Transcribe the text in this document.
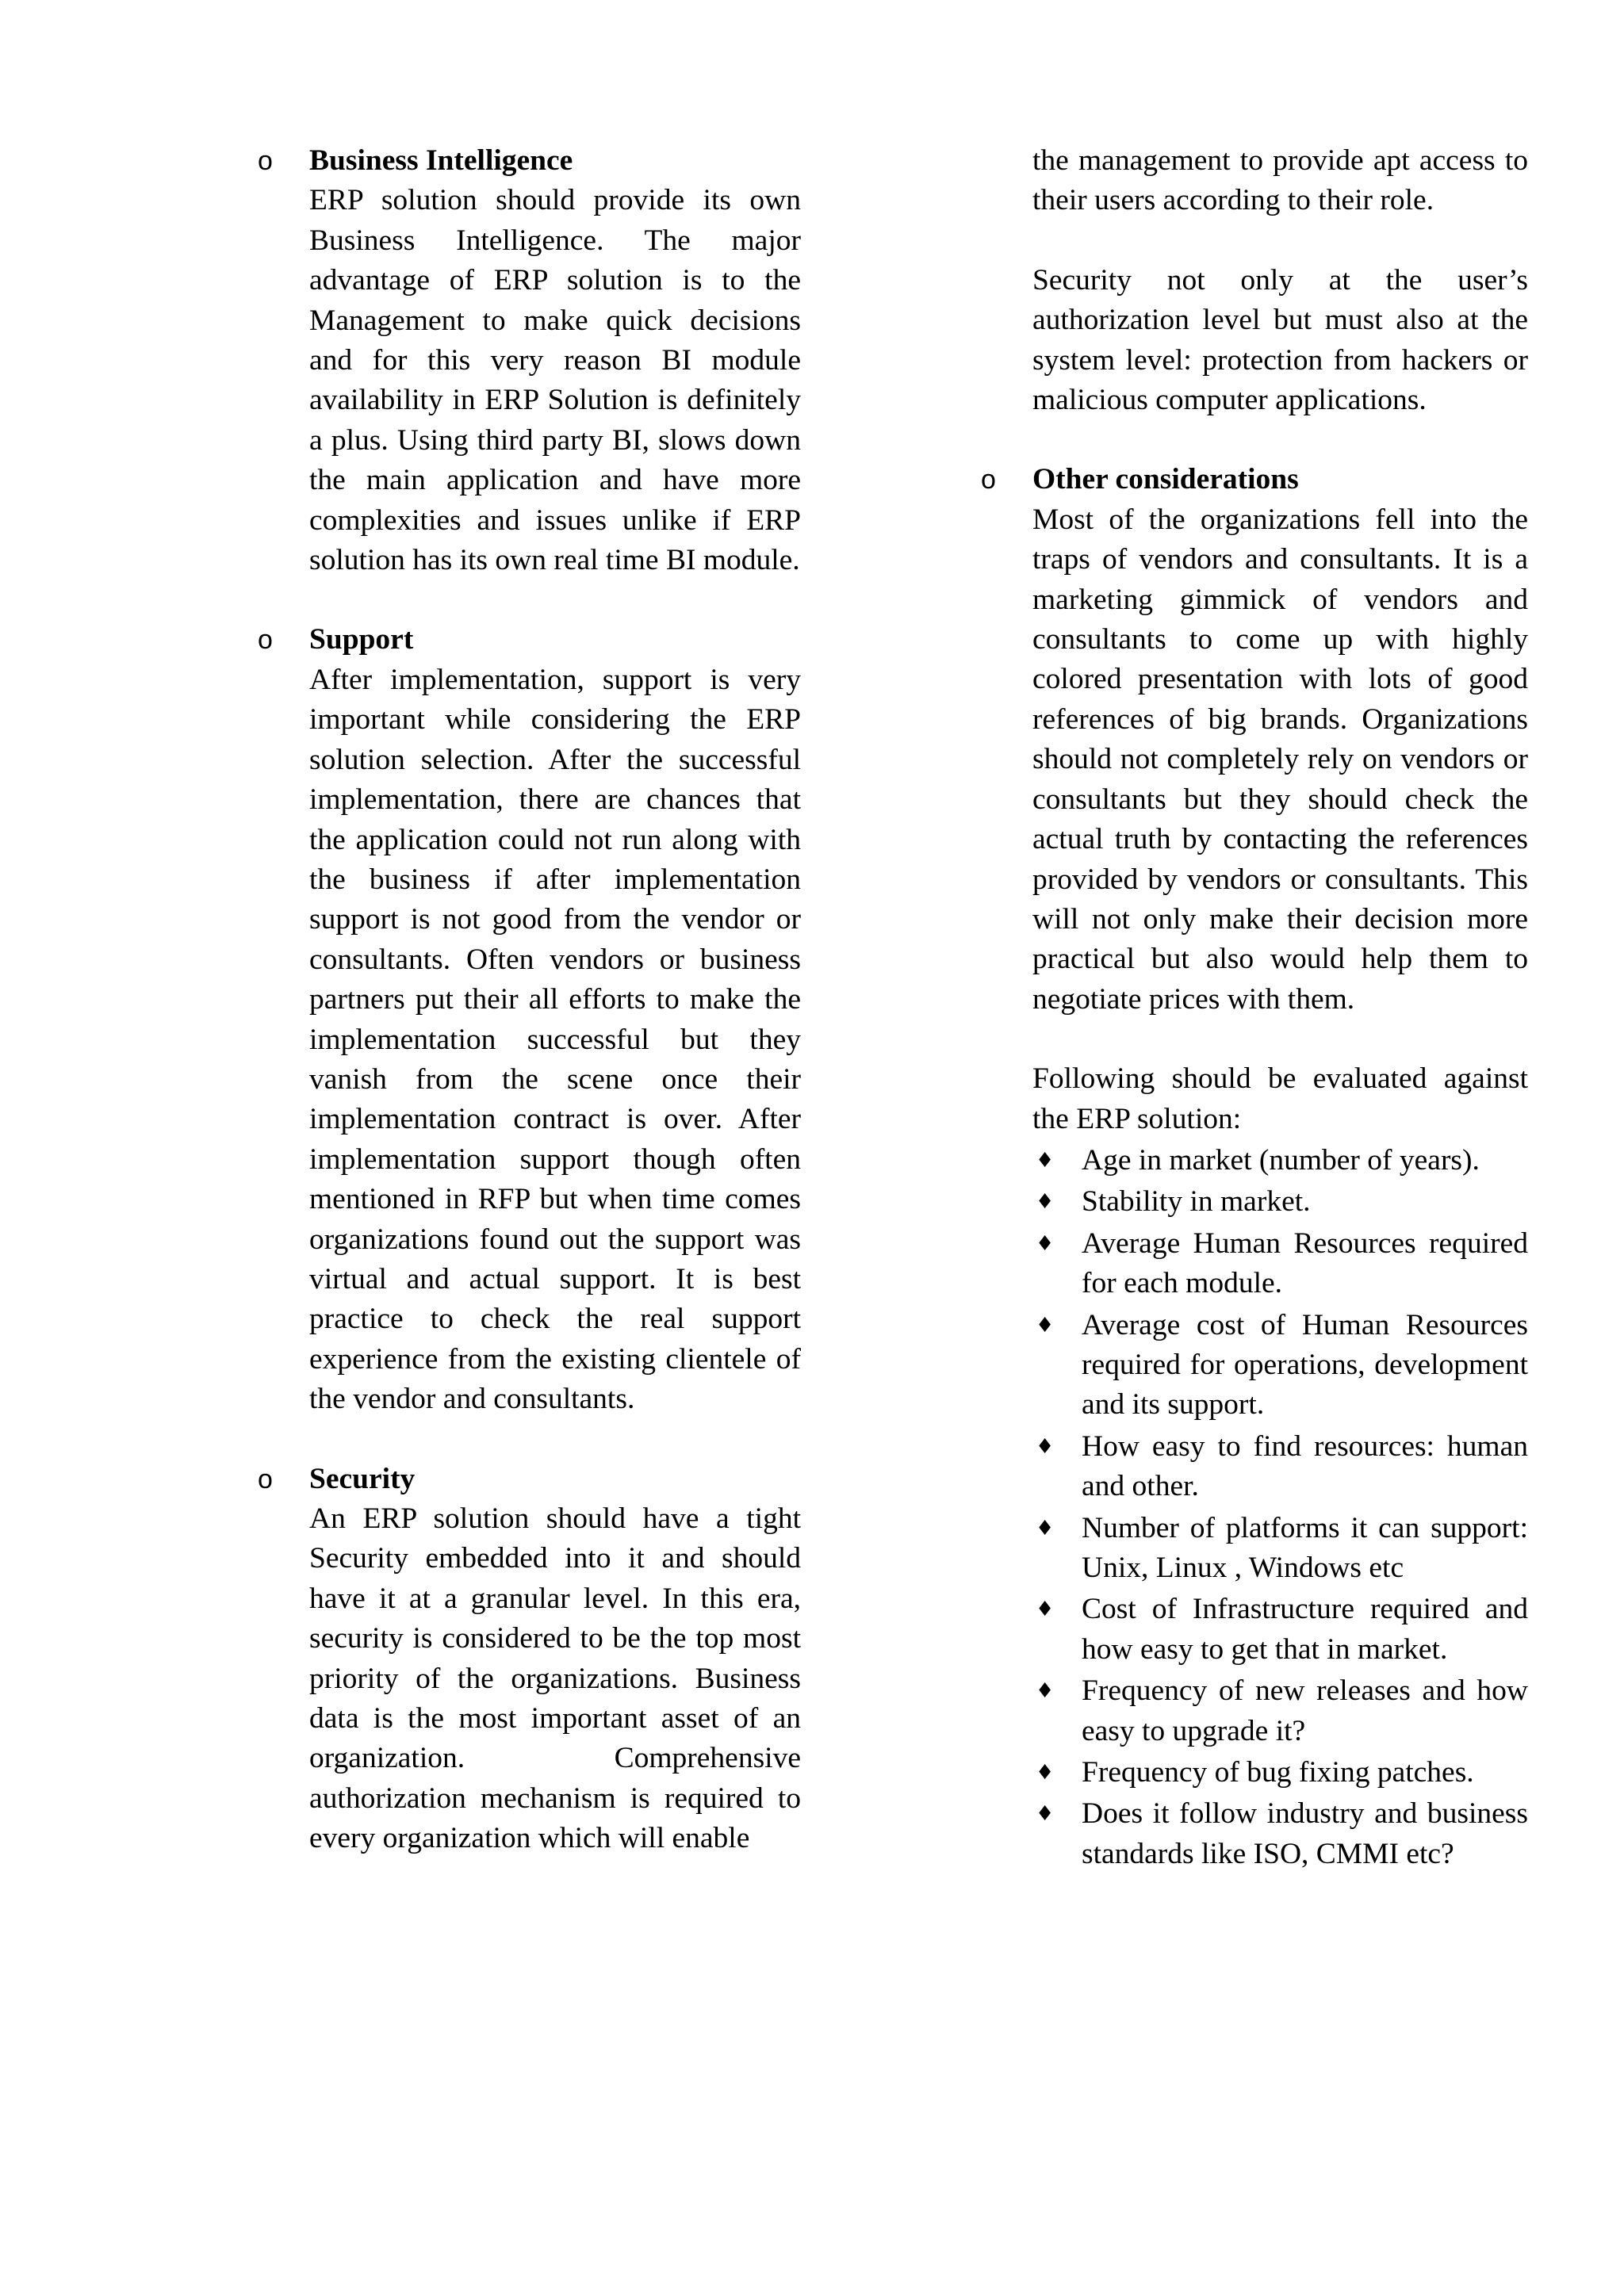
o Business Intelligence

ERP solution should provide its own Business Intelligence. The major advantage of ERP solution is to the Management to make quick decisions and for this very reason BI module availability in ERP Solution is definitely a plus. Using third party BI, slows down the main application and have more complexities and issues unlike if ERP solution has its own real time BI module.

o Support

After implementation, support is very important while considering the ERP solution selection. After the successful implementation, there are chances that the application could not run along with the business if after implementation support is not good from the vendor or consultants. Often vendors or business partners put their all efforts to make the implementation successful but they vanish from the scene once their implementation contract is over. After implementation support though often mentioned in RFP but when time comes organizations found out the support was virtual and actual support. It is best practice to check the real support experience from the existing clientele of the vendor and consultants.

o Security

An ERP solution should have a tight Security embedded into it and should have it at a granular level. In this era, security is considered to be the top most priority of the organizations. Business data is the most important asset of an organization. Comprehensive authorization mechanism is required to every organization which will enable

the management to provide apt access to their users according to their role.

Security not only at the user’s authorization level but must also at the system level: protection from hackers or malicious computer applications.

o Other considerations

Most of the organizations fell into the traps of vendors and consultants. It is a marketing gimmick of vendors and consultants to come up with highly colored presentation with lots of good references of big brands. Organizations should not completely rely on vendors or consultants but they should check the actual truth by contacting the references provided by vendors or consultants. This will not only make their decision more practical but also would help them to negotiate prices with them.

Following should be evaluated against the ERP solution:

♦ Age in market (number of years).
♦ Stability in market.
♦ Average Human Resources required for each module.
♦ Average cost of Human Resources required for operations, development and its support.
♦ How easy to find resources: human and other.
♦ Number of platforms it can support: Unix, Linux , Windows etc
♦ Cost of Infrastructure required and how easy to get that in market.
♦ Frequency of new releases and how easy to upgrade it?
♦ Frequency of bug fixing patches.
♦ Does it follow industry and business standards like ISO, CMMI etc?
